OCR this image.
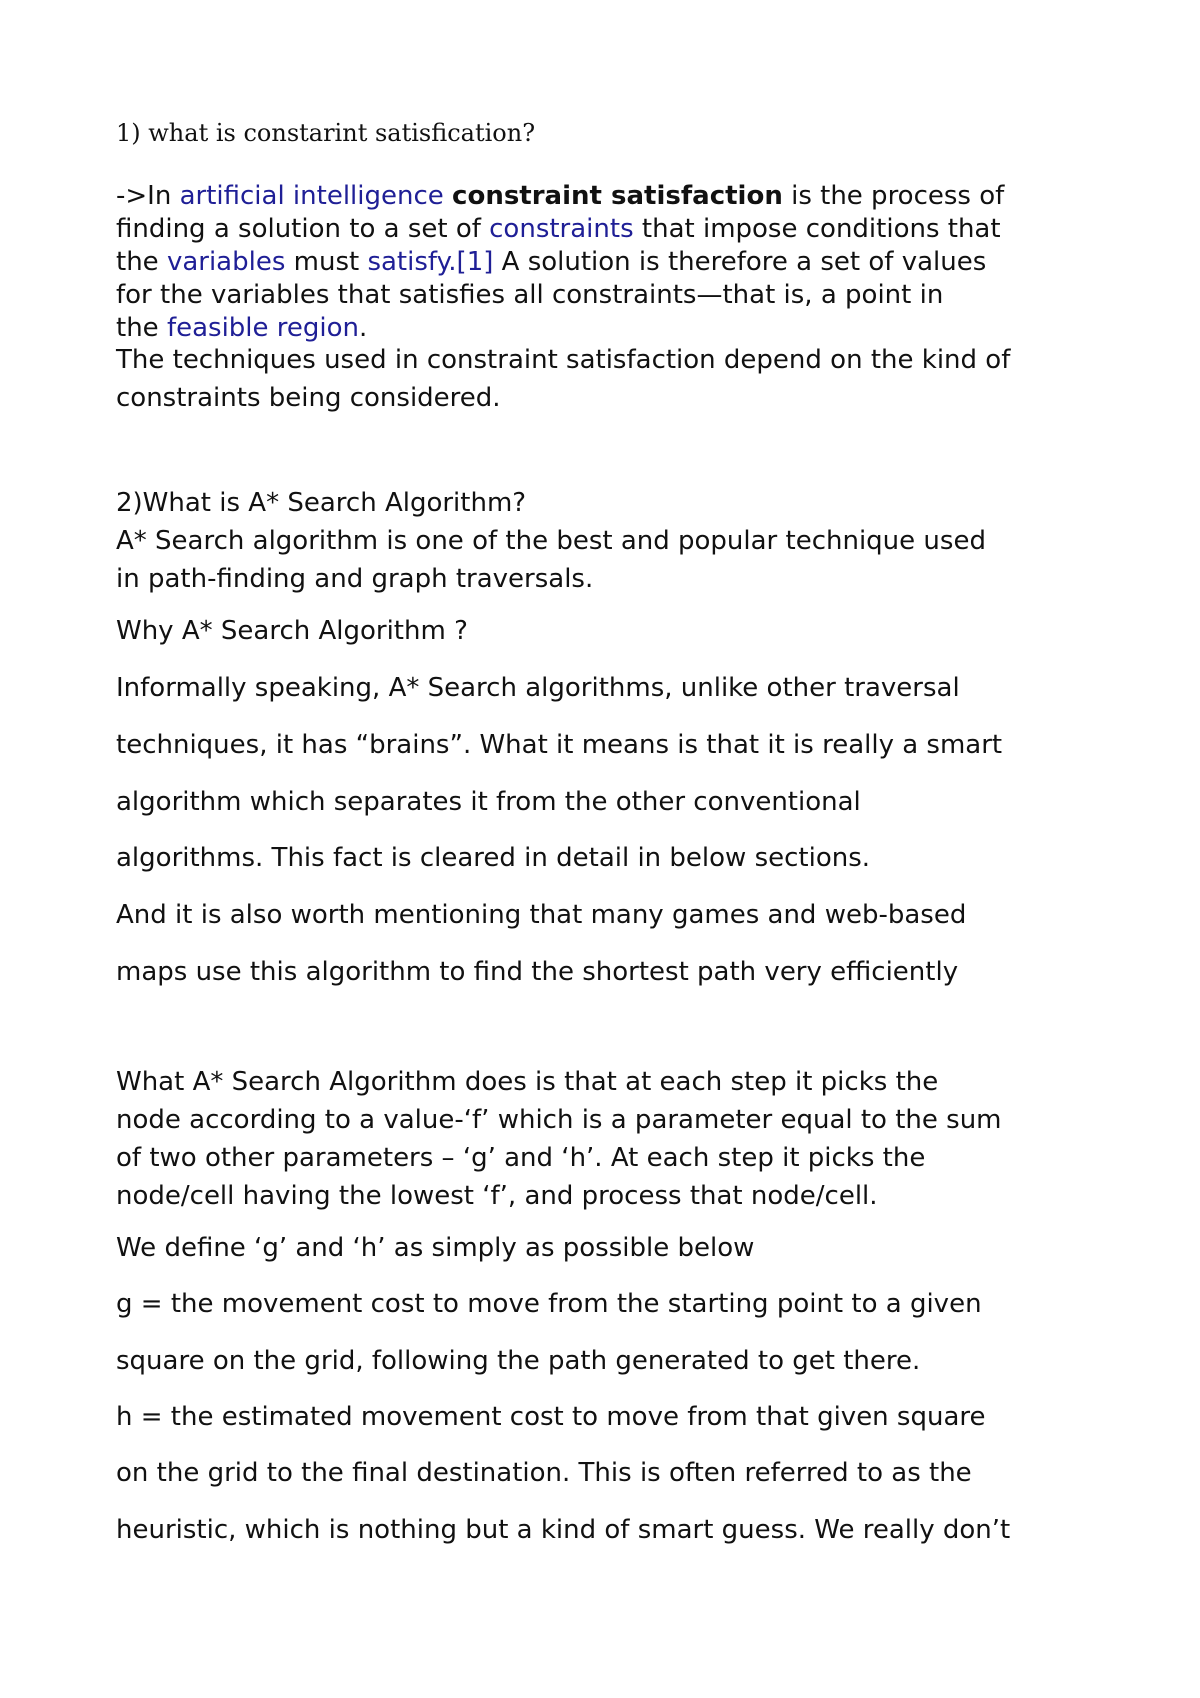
1) what is constarint satisfication?

->In artificial intelligence constraint satisfaction is the process of

finding a solution to a set of constraints that impose conditions that

the variables must satisfy.[1] A solution is therefore a set of values

for the variables that satisfies all constraints—that is, a point in

the feasible region.

The techniques used in constraint satisfaction depend on the kind of

constraints being considered.

2)What is A* Search Algorithm?

A* Search algorithm is one of the best and popular technique used

in path-finding and graph traversals.

Why A* Search Algorithm ?

Informally speaking, A* Search algorithms, unlike other traversal

techniques, it has “brains”. What it means is that it is really a smart

algorithm which separates it from the other conventional

algorithms. This fact is cleared in detail in below sections.

And it is also worth mentioning that many games and web-based

maps use this algorithm to find the shortest path very efficiently

What A* Search Algorithm does is that at each step it picks the

node according to a value-‘f’ which is a parameter equal to the sum

of two other parameters – ‘g’ and ‘h’. At each step it picks the

node/cell having the lowest ‘f’, and process that node/cell.

We define ‘g’ and ‘h’ as simply as possible below

g = the movement cost to move from the starting point to a given

square on the grid, following the path generated to get there.

h = the estimated movement cost to move from that given square

on the grid to the final destination. This is often referred to as the

heuristic, which is nothing but a kind of smart guess. We really don’t
